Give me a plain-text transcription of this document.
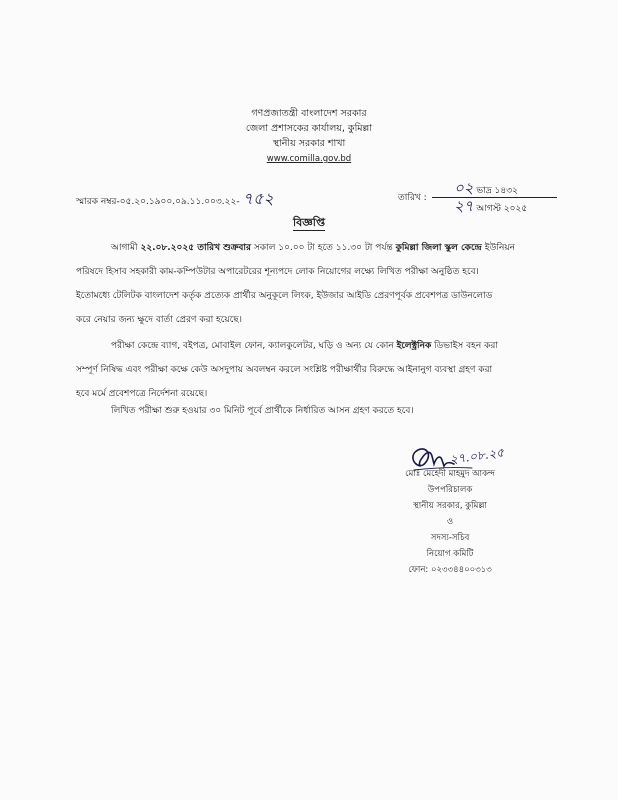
গণপ্রজাতন্ত্রী বাংলাদেশ সরকার
জেলা প্রশাসকের কার্যালয়, কুমিল্লা
স্থানীয় সরকার শাখা
www.comilla.gov.bd
স্মারক নম্বর-০৫.২০.১৯০০.০৯.১১.০০৩.২২- ৭৫২	তারিখ :
০২ ভাদ্র ১৪৩২
২৭ আগস্ট ২০২৫
বিজ্ঞপ্তি
আগামী ২২.০৮.২০২৫ তারিখ শুক্রবার সকাল ১০.০০ টা হতে ১১.৩০ টা পর্যন্ত কুমিল্লা জিলা স্কুল কেন্দ্রে ইউনিয়ন
পরিষদে হিসাব সহকারী কাম-কম্পিউটার অপারেটরের শূন্যপদে লোক নিয়োগের লক্ষ্যে লিখিত পরীক্ষা অনুষ্ঠিত হবে।
ইতোমধ্যে টেলিটক বাংলাদেশ কর্তৃক প্রত্যেক প্রার্থীর অনুকূলে লিংক, ইউজার আইডি প্রেরণপূর্বক প্রবেশপত্র ডাউনলোড
করে নেয়ার জন্য ক্ষুদে বার্তা প্রেরণ করা হয়েছে।
পরীক্ষা কেন্দ্রে ব্যাগ, বইপত্র, মোবাইল ফোন, ক্যালকুলেটর, ঘড়ি ও অন্য যে কোন ইলেক্ট্রনিক ডিভাইস বহন করা
সম্পূর্ণ নিষিদ্ধ এবং পরীক্ষা কক্ষে কেউ অসদুপায় অবলম্বন করলে সংশ্লিষ্ট পরীক্ষার্থীর বিরুদ্ধে আইনানুগ ব্যবস্থা গ্রহণ করা
হবে মর্মে প্রবেশপত্রে নির্দেশনা রয়েছে।
লিখিত পরীক্ষা শুরু হওয়ার ৩০ মিনিট পূর্বে প্রার্থীকে নির্ধারিত আসন গ্রহণ করতে হবে।
২৭.০৮.২৫
মোঃ মেহেদী মাহমুদ আকন্দ
উপপরিচালক
স্থানীয় সরকার, কুমিল্লা
ও
সদস্য-সচিব
নিয়োগ কমিটি
ফোন: ০২৩৩৪৪০০৩১৩
